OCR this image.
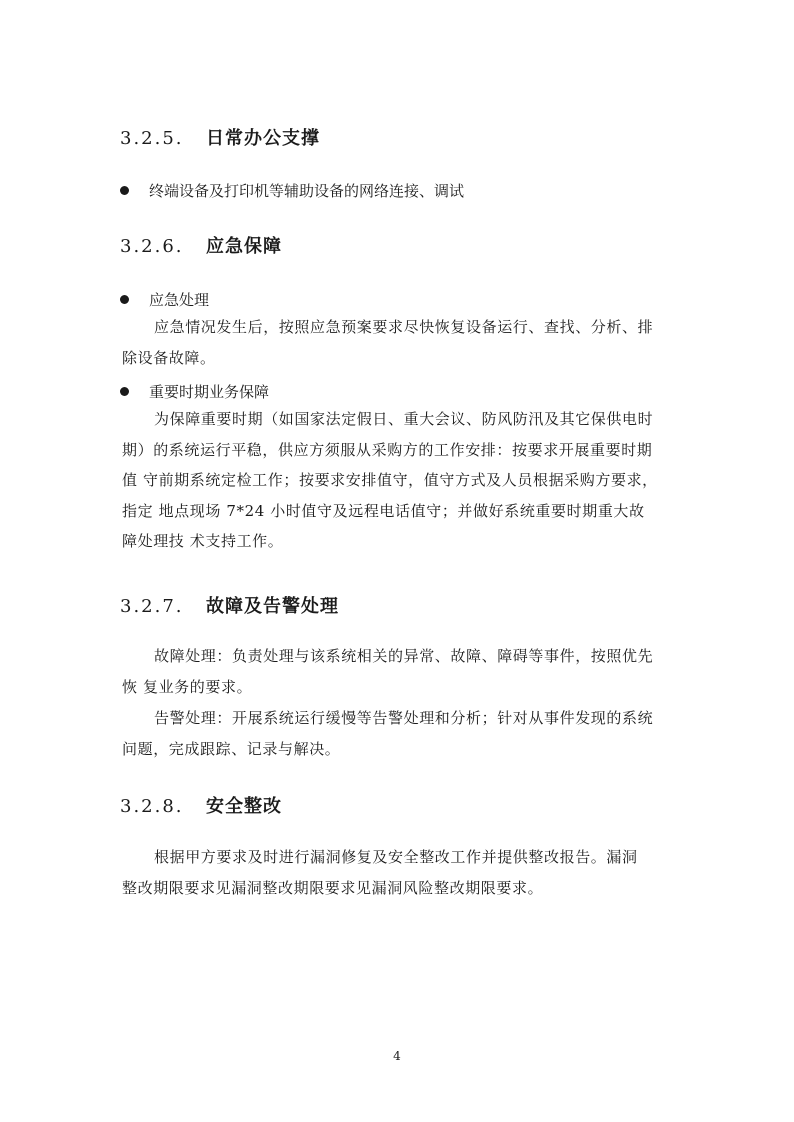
3.2.5. 日常办公支撑
终端设备及打印机等辅助设备的网络连接、调试
3.2.6. 应急保障
应急处理
应急情况发生后，按照应急预案要求尽快恢复设备运行、查找、分析、排
除设备故障。
重要时期业务保障
为保障重要时期（如国家法定假日、重大会议、防风防汛及其它保供电时
期）的系统运行平稳，供应方须服从采购方的工作安排：按要求开展重要时期
值 守前期系统定检工作；按要求安排值守，值守方式及人员根据采购方要求，
指定 地点现场 7*24 小时值守及远程电话值守；并做好系统重要时期重大故
障处理技 术支持工作。
3.2.7. 故障及告警处理
故障处理：负责处理与该系统相关的异常、故障、障碍等事件，按照优先
恢 复业务的要求。
告警处理：开展系统运行缓慢等告警处理和分析；针对从事件发现的系统
问题，完成跟踪、记录与解决。
3.2.8. 安全整改
根据甲方要求及时进行漏洞修复及安全整改工作并提供整改报告。漏洞
整改期限要求见漏洞整改期限要求见漏洞风险整改期限要求。
4
